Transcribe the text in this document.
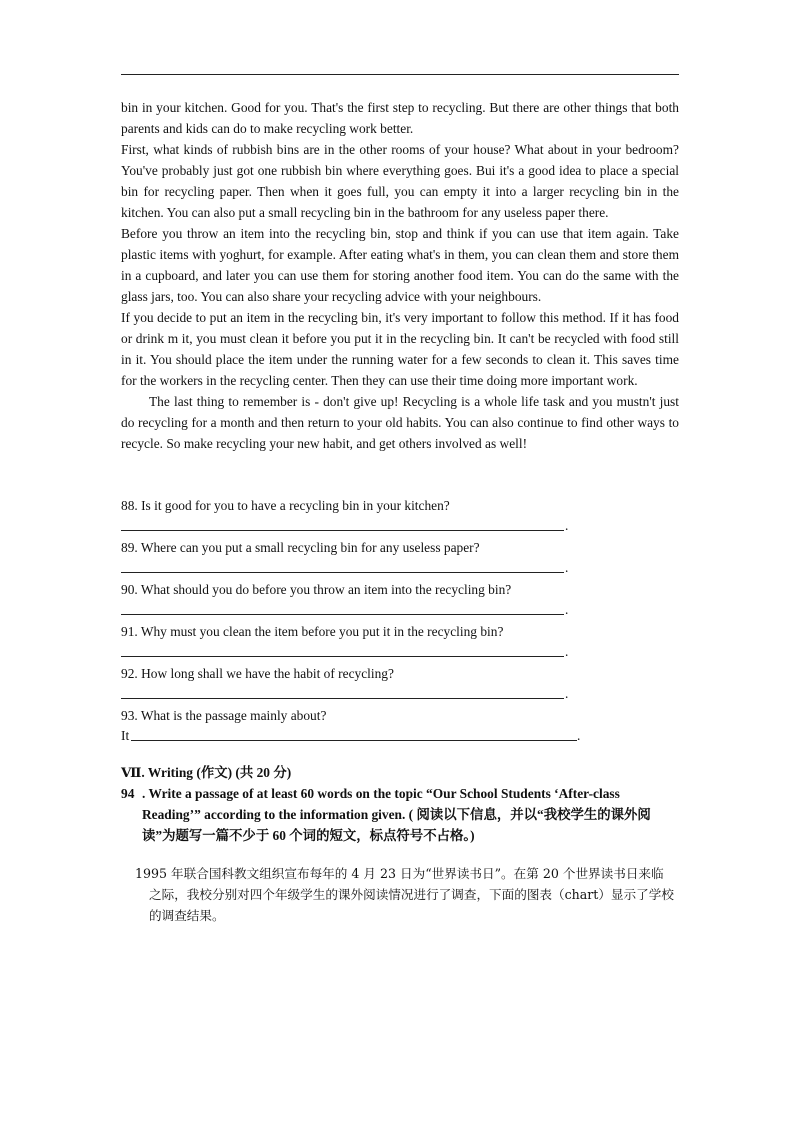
bin in your kitchen. Good for you. That's the first step to recycling. But there are other things that both parents and kids can do to make recycling work better.

First, what kinds of rubbish bins are in the other rooms of your house? What about in your bedroom? You've probably just got one rubbish bin where everything goes. Bui it's a good idea to place a special bin for recycling paper. Then when it goes full, you can empty it into a larger recycling bin in the kitchen. You can also put a small recycling bin in the bathroom for any useless paper there.

Before you throw an item into the recycling bin, stop and think if you can use that item again. Take plastic items with yoghurt, for example. After eating what's in them, you can clean them and store them in a cupboard, and later you can use them for storing another food item. You can do the same with the glass jars, too. You can also share your recycling advice with your neighbours.

If you decide to put an item in the recycling bin, it's very important to follow this method. If it has food or drink m it, you must clean it before you put it in the recycling bin. It can't be recycled with food still in it. You should place the item under the running water for a few seconds to clean it. This saves time for the workers in the recycling center. Then they can use their time doing more important work.

The last thing to remember is - don't give up! Recycling is a whole life task and you mustn't just do recycling for a month and then return to your old habits. You can also continue to find other ways to recycle. So make recycling your new habit, and get others involved as well!

88. Is it good for you to have a recycling bin in your kitchen?
.
89. Where can you put a small recycling bin for any useless paper?
.
90. What should you do before you throw an item into the recycling bin?
.
91. Why must you clean the item before you put it in the recycling bin?
.
92. How long shall we have the habit of recycling?
.
93. What is the passage mainly about?
It	.
Ⅶ. Writing (作文) (共 20 分)
94 . Write a passage of at least 60 words on the topic “Our School Students ‘After-class Reading’” according to the information given. ( 阅读以下信息，并以“我校学生的课外阅读”为题写一篇不少于 60 个词的短文，标点符号不占格。)
1995 年联合国科教文组织宣布每年的 4 月 23 日为“世界读书日”。在第 20 个世界读书日来临
之际，我校分别对四个年级学生的课外阅读情况进行了调查，下面的图表（chart）显示了学校的调查结果。
